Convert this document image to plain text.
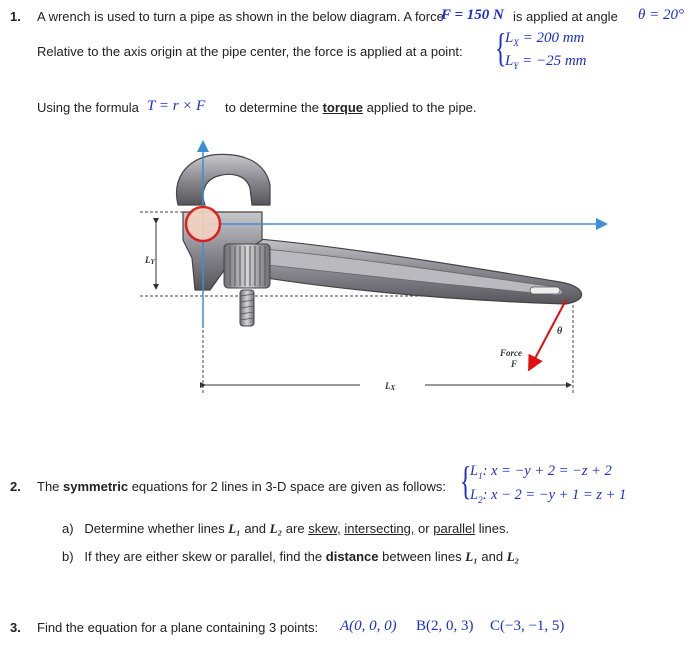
1. A wrench is used to turn a pipe as shown in the below diagram. A force
F = 150 N is applied at angle θ = 20°
Relative to the axis origin at the pipe center, the force is applied at a point: {
$L_X = 200$ mm
$L_Y = -25$ mm
Using the formula T = r × F to determine the torque applied to the pipe.
LY
LX
Force
F
θ
2. The symmetric equations for 2 lines in 3-D space are given as follows: {
$L_1$: x = −y + 2 = −z + 2
$L_2$: x − 2 = −y + 1 = z + 1
a) Determine whether lines L₁ and L₂ are skew, intersecting, or parallel lines.
b) If they are either skew or parallel, find the distance between lines L₁ and L₂
3. Find the equation for a plane containing 3 points: A(0, 0, 0) B(2, 0, 3) C(−3, −1, 5)
